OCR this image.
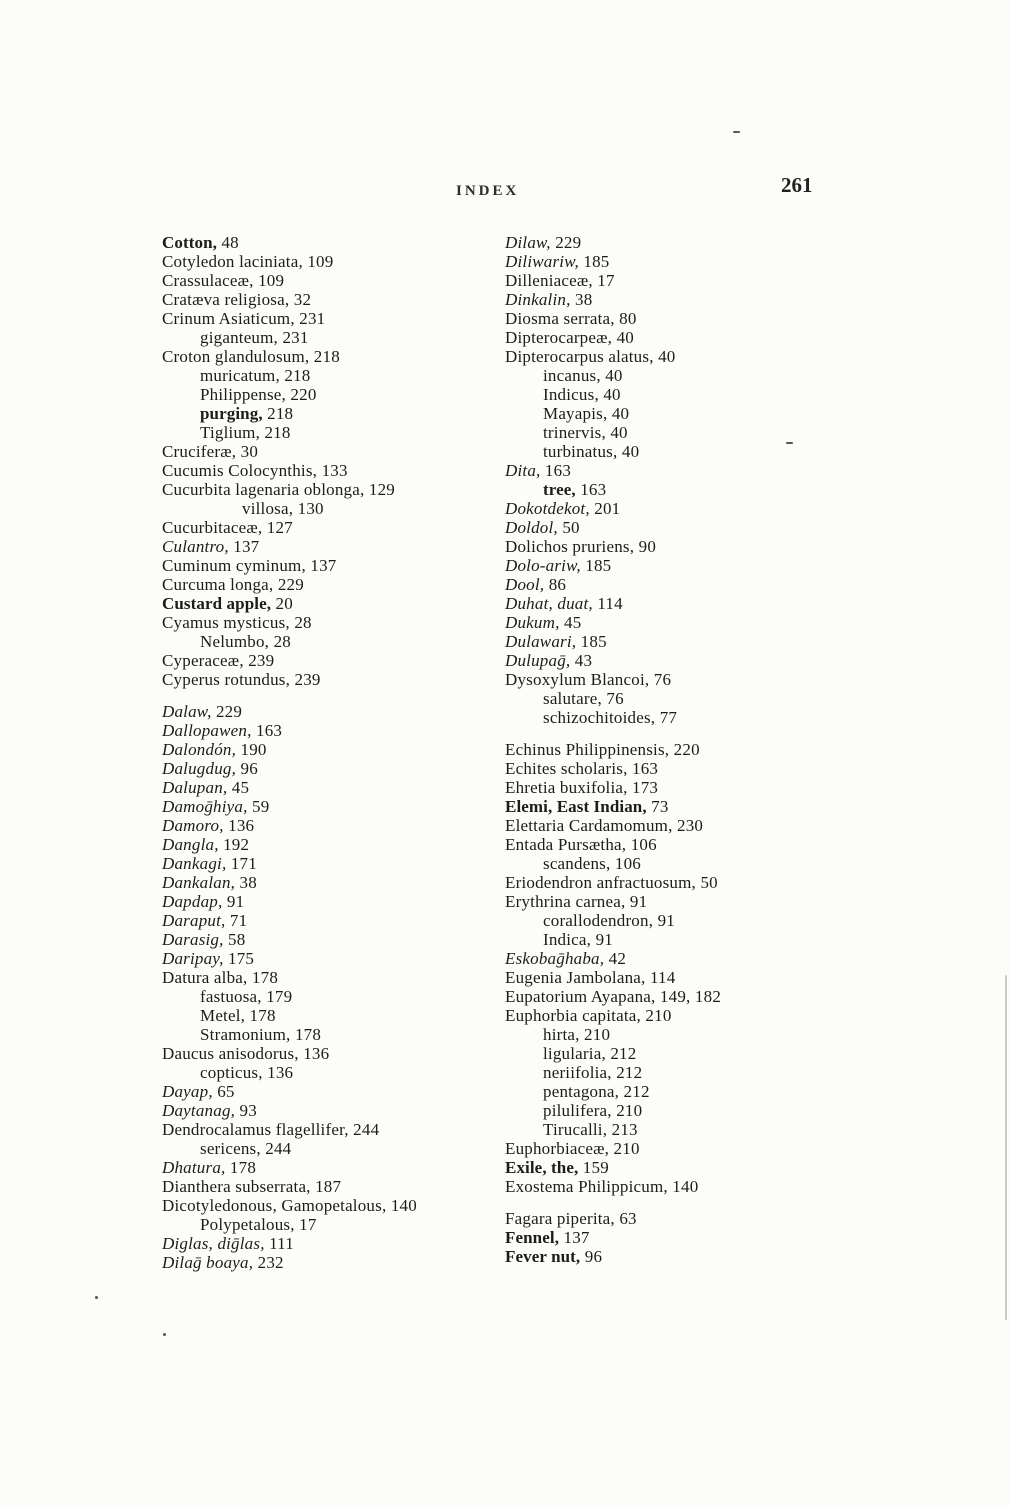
INDEX	261
Cotton, 48
Cotyledon laciniata, 109
Crassulaceæ, 109
Cratæva religiosa, 32
Crinum Asiaticum, 231
giganteum, 231
Croton glandulosum, 218
muricatum, 218
Philippense, 220
purging, 218
Tiglium, 218
Cruciferæ, 30
Cucumis Colocynthis, 133
Cucurbita lagenaria oblonga, 129
villosa, 130
Cucurbitaceæ, 127
Culantro, 137
Cuminum cyminum, 137
Curcuma longa, 229
Custard apple, 20
Cyamus mysticus, 28
Nelumbo, 28
Cyperaceæ, 239
Cyperus rotundus, 239
Dalaw, 229
Dallopawen, 163
Dalondón, 190
Dalugdug, 96
Dalupan, 45
Damoḡhiya, 59
Damoro, 136
Dangla, 192
Dankagi, 171
Dankalan, 38
Dapdap, 91
Daraput, 71
Darasig, 58
Daripay, 175
Datura alba, 178
fastuosa, 179
Metel, 178
Stramonium, 178
Daucus anisodorus, 136
copticus, 136
Dayap, 65
Daytanag, 93
Dendrocalamus flagellifer, 244
sericens, 244
Dhatura, 178
Dianthera subserrata, 187
Dicotyledonous, Gamopetalous, 140
Polypetalous, 17
Diglas, diḡlas, 111
Dilaḡ boaya, 232
Dilaw, 229
Diliwariw, 185
Dilleniaceæ, 17
Dinkalin, 38
Diosma serrata, 80
Dipterocarpeæ, 40
Dipterocarpus alatus, 40
incanus, 40
Indicus, 40
Mayapis, 40
trinervis, 40
turbinatus, 40
Dita, 163
tree, 163
Dokotdekot, 201
Doldol, 50
Dolichos pruriens, 90
Dolo-ariw, 185
Dool, 86
Duhat, duat, 114
Dukum, 45
Dulawari, 185
Dulupaḡ, 43
Dysoxylum Blancoi, 76
salutare, 76
schizochitoides, 77
Echinus Philippinensis, 220
Echites scholaris, 163
Ehretia buxifolia, 173
Elemi, East Indian, 73
Elettaria Cardamomum, 230
Entada Pursætha, 106
scandens, 106
Eriodendron anfractuosum, 50
Erythrina carnea, 91
corallodendron, 91
Indica, 91
Eskobaḡhaba, 42
Eugenia Jambolana, 114
Eupatorium Ayapana, 149, 182
Euphorbia capitata, 210
hirta, 210
ligularia, 212
neriifolia, 212
pentagona, 212
pilulifera, 210
Tirucalli, 213
Euphorbiaceæ, 210
Exile, the, 159
Exostema Philippicum, 140
Fagara piperita, 63
Fennel, 137
Fever nut, 96
